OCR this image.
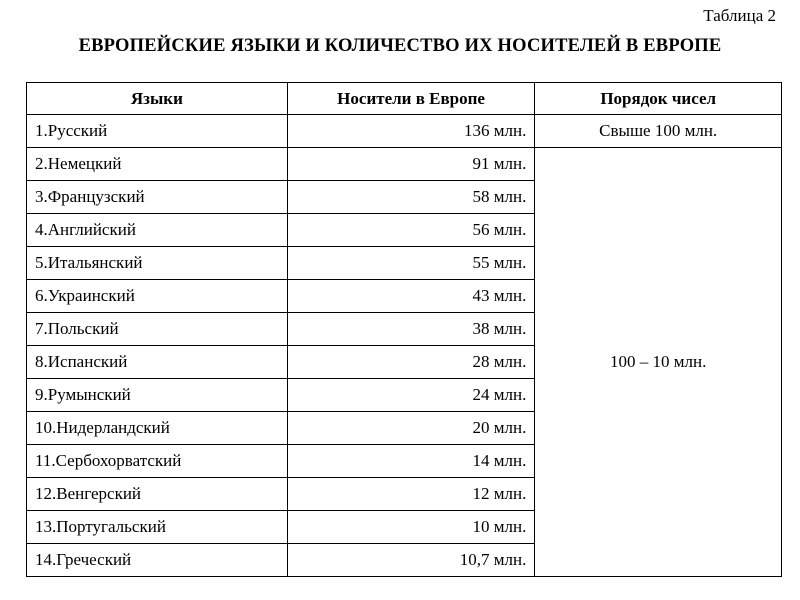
Таблица 2
ЕВРОПЕЙСКИЕ ЯЗЫКИ И КОЛИЧЕСТВО ИХ НОСИТЕЛЕЙ В ЕВРОПЕ
Языки	Носители в Европе	Порядок чисел
1.Русский	136 млн.	Свыше 100 млн.
2.Немецкий	91 млн.	100 – 10 млн.
3.Французский	58 млн.	
4.Английский	56 млн.	
5.Итальянский	55 млн.	
6.Украинский	43 млн.	
7.Польский	38 млн.	
8.Испанский	28 млн.	
9.Румынский	24 млн.	
10.Нидерландский	20 млн.	
11.Сербохорватский	14 млн.	
12.Венгерский	12 млн.	
13.Португальский	10 млн.	
14.Греческий	10,7 млн.	
